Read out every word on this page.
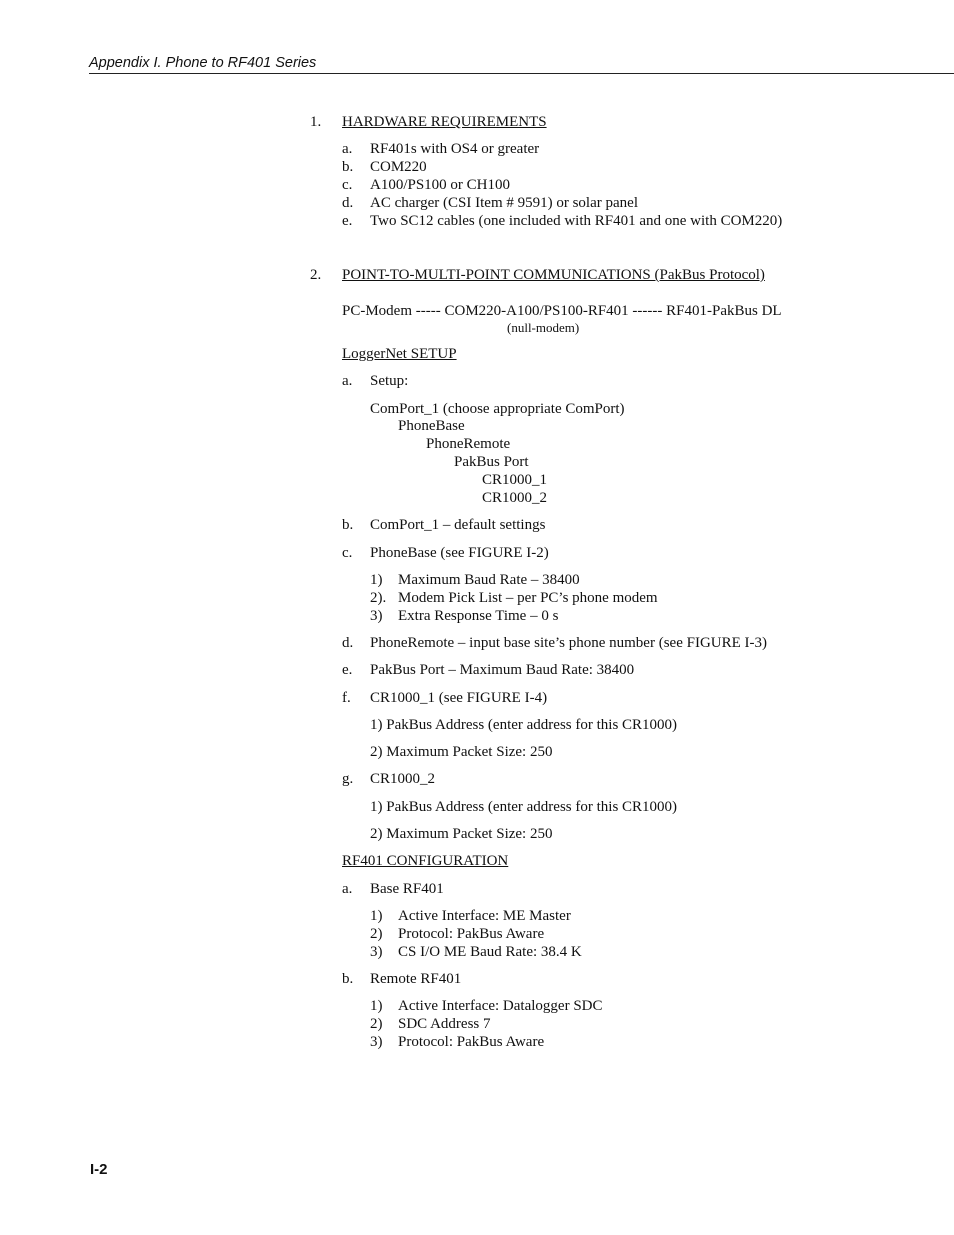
Appendix I. Phone to RF401 Series
1. HARDWARE REQUIREMENTS
a. RF401s with OS4 or greater
b. COM220
c. A100/PS100 or CH100
d. AC charger (CSI Item # 9591) or solar panel
e. Two SC12 cables (one included with RF401 and one with COM220)
2. POINT-TO-MULTI-POINT COMMUNICATIONS (PakBus Protocol)
PC-Modem ----- COM220-A100/PS100-RF401 ------ RF401-PakBus DL
(null-modem)
LoggerNet SETUP
a. Setup:
ComPort_1 (choose appropriate ComPort)
PhoneBase
PhoneRemote
PakBus Port
CR1000_1
CR1000_2
b. ComPort_1 – default settings
c. PhoneBase (see FIGURE I-2)
1) Maximum Baud Rate – 38400
2). Modem Pick List – per PC’s phone modem
3) Extra Response Time – 0 s
d. PhoneRemote – input base site’s phone number (see FIGURE I-3)
e. PakBus Port – Maximum Baud Rate: 38400
f. CR1000_1 (see FIGURE I-4)
1) PakBus Address (enter address for this CR1000)
2) Maximum Packet Size: 250
g. CR1000_2
1) PakBus Address (enter address for this CR1000)
2) Maximum Packet Size: 250
RF401 CONFIGURATION
a. Base RF401
1) Active Interface: ME Master
2) Protocol: PakBus Aware
3) CS I/O ME Baud Rate: 38.4 K
b. Remote RF401
1) Active Interface: Datalogger SDC
2) SDC Address 7
3) Protocol: PakBus Aware
I-2
